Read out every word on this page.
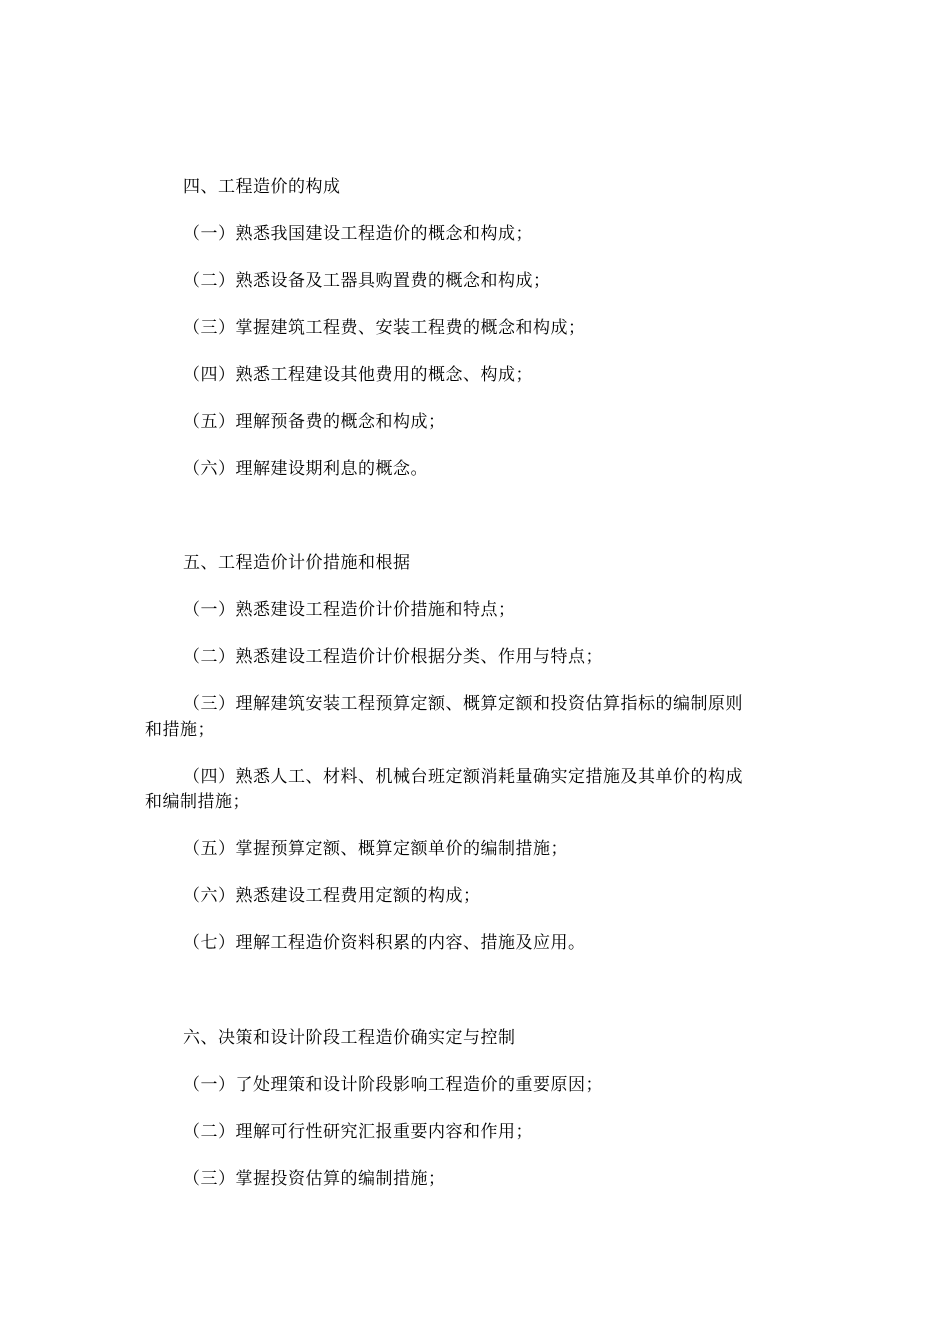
四、工程造价的构成
（一）熟悉我国建设工程造价的概念和构成；
（二）熟悉设备及工器具购置费的概念和构成；
（三）掌握建筑工程费、安装工程费的概念和构成；
（四）熟悉工程建设其他费用的概念、构成；
（五）理解预备费的概念和构成；
（六）理解建设期利息的概念。
五、工程造价计价措施和根据
（一）熟悉建设工程造价计价措施和特点；
（二）熟悉建设工程造价计价根据分类、作用与特点；
（三）理解建筑安装工程预算定额、概算定额和投资估算指标的编制原则
和措施；
（四）熟悉人工、材料、机械台班定额消耗量确实定措施及其单价的构成
和编制措施；
（五）掌握预算定额、概算定额单价的编制措施；
（六）熟悉建设工程费用定额的构成；
（七）理解工程造价资料积累的内容、措施及应用。
六、决策和设计阶段工程造价确实定与控制
（一）了处理策和设计阶段影响工程造价的重要原因；
（二）理解可行性研究汇报重要内容和作用；
（三）掌握投资估算的编制措施；
